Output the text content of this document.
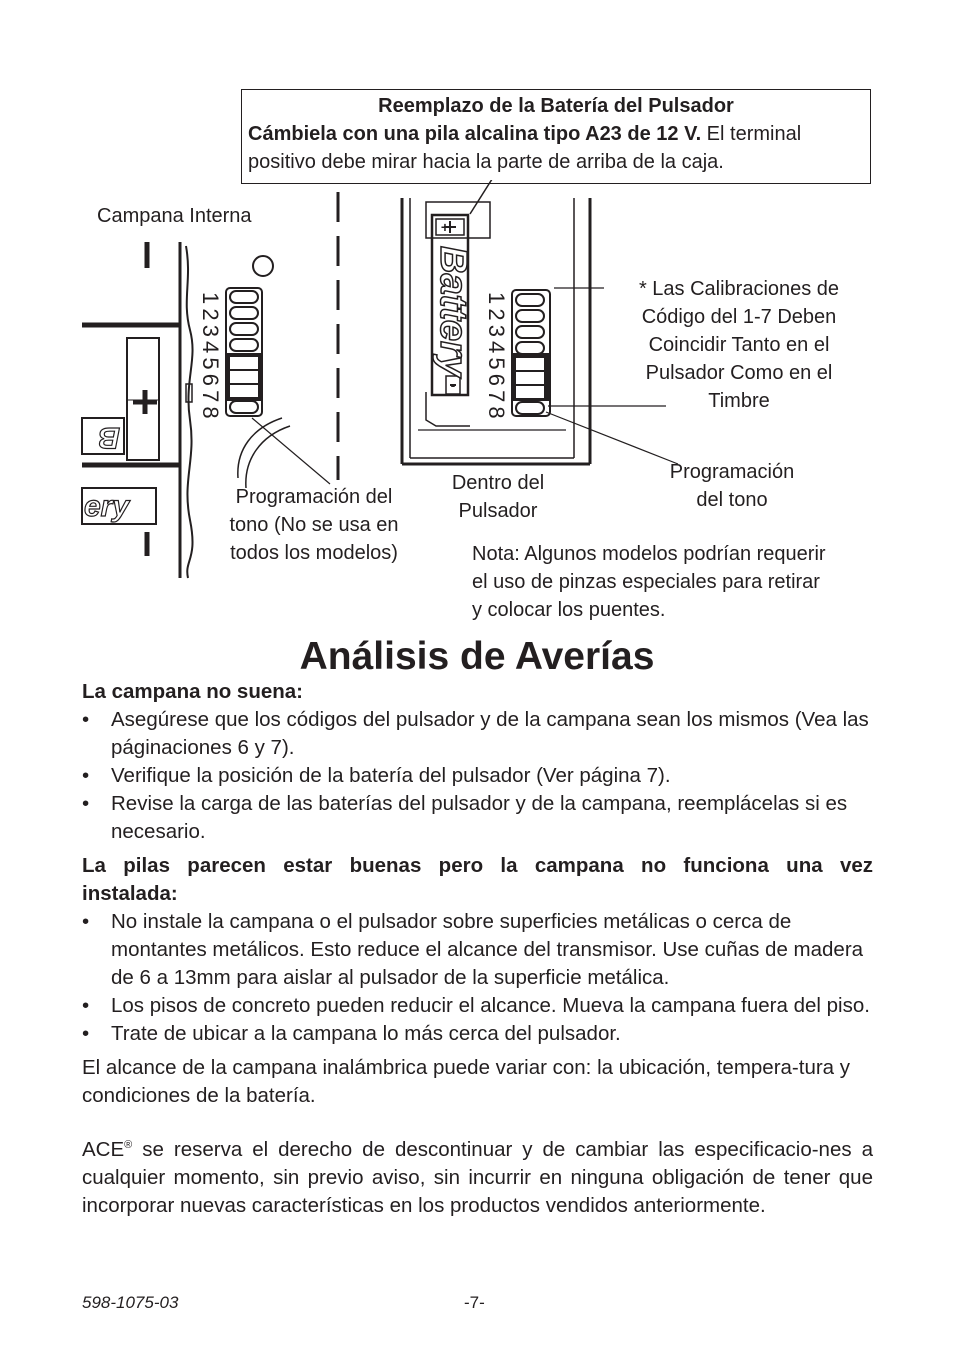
Reemplazo de la Batería del Pulsador
Cámbiela con una pila alcalina tipo A23 de 12 V. El terminal
positivo debe mirar hacia la parte de arriba de la caja.
1 2 3 4 5 6 7 8	1 2 3 4 5 6 7 8
Battery
B
ery
+
-
Campana Interna
* Las Calibraciones de
Código del 1-7 Deben
Coincidir Tanto en el
Pulsador Como en el
Timbre
Programación del
tono (No se usa en
todos los modelos)
Dentro del
Pulsador
Programación
del tono
Nota: Algunos modelos podrían requerir
el uso de pinzas especiales para retirar
y colocar los puentes.
Análisis de Averías
La campana no suena:
• Asegúrese que los códigos del pulsador y de la campana sean los mismos (Vea las páginaciones 6 y 7).
• Verifique la posición de la batería del pulsador (Ver página 7).
• Revise la carga de las baterías del pulsador y de la campana, reemplácelas si es necesario.
La pilas parecen estar buenas pero la campana no funciona una vez instalada:
• No instale la campana o el pulsador sobre superficies metálicas o cerca de montantes metálicos. Esto reduce el alcance del transmisor. Use cuñas de madera de 6 a 13mm para aislar al pulsador de la superficie metálica.
• Los pisos de concreto pueden reducir el alcance. Mueva la campana fuera del piso.
• Trate de ubicar a la campana lo más cerca del pulsador.
El alcance de la campana inalámbrica puede variar con: la ubicación, tempera-tura y condiciones de la batería.
ACE® se reserva el derecho de descontinuar y de cambiar las especificacio-nes a cualquier momento, sin previo aviso, sin incurrir en ninguna obligación de tener que incorporar nuevas características en los productos vendidos anteriormente.
598-1075-03	-7-
